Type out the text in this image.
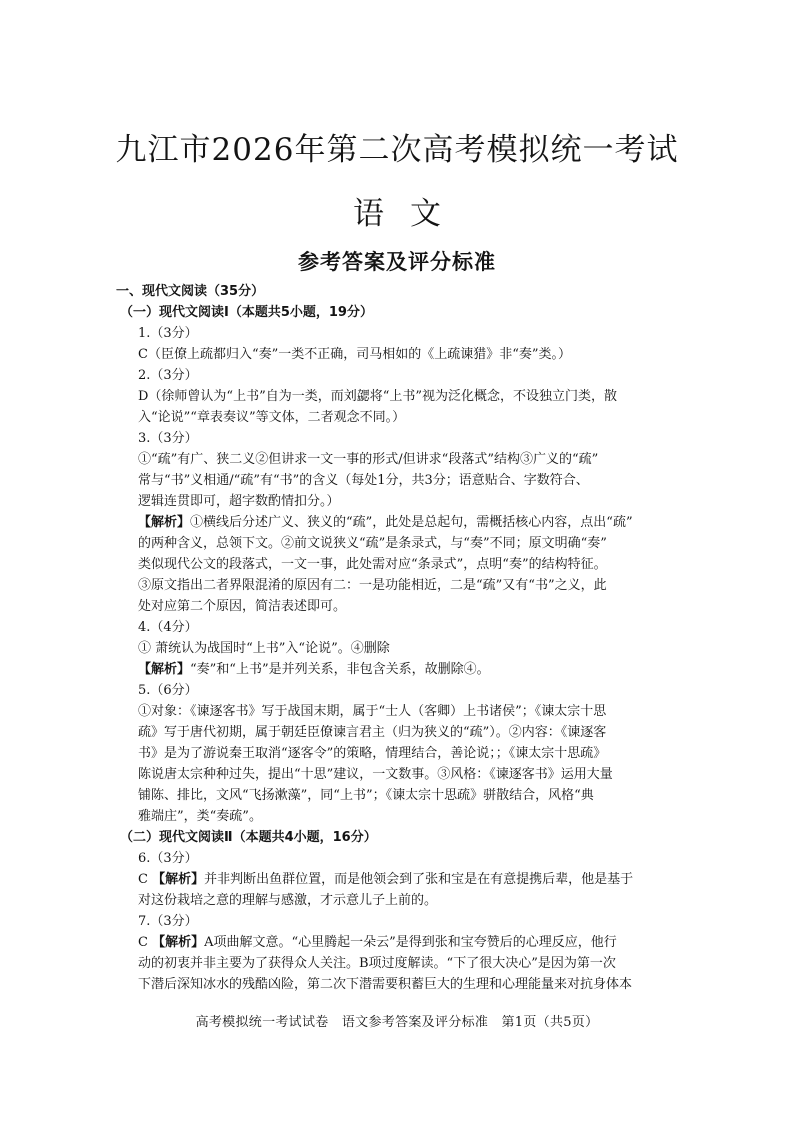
九江市2026年第二次高考模拟统一考试
语文
参考答案及评分标准
一、现代文阅读（35分）
（一）现代文阅读Ⅰ（本题共5小题，19分）
1.（3分）
C（臣僚上疏都归入“奏”一类不正确，司马相如的《上疏谏猎》非“奏”类。）
2.（3分）
D（徐师曾认为“上书”自为一类，而刘勰将“上书”视为泛化概念，不设独立门类，散
入“论说”“章表奏议”等文体，二者观念不同。）
3.（3分）
①“疏”有广、狭二义②但讲求一文一事的形式/但讲求“段落式”结构③广义的“疏”
常与“书”义相通/“疏”有“书”的含义（每处1分，共3分；语意贴合、字数符合、
逻辑连贯即可，超字数酌情扣分。）
【解析】①横线后分述广义、狭义的“疏”，此处是总起句，需概括核心内容，点出“疏”
的两种含义，总领下文。②前文说狭义“疏”是条录式，与“奏”不同；原文明确“奏”
类似现代公文的段落式，一文一事，此处需对应“条录式”，点明“奏”的结构特征。
③原文指出二者界限混淆的原因有二：一是功能相近，二是“疏”又有“书”之义，此
处对应第二个原因，简洁表述即可。
4.（4分）
① 萧统认为战国时“上书”入“论说”。④删除
【解析】“奏”和“上书”是并列关系，非包含关系，故删除④。
5.（6分）
①对象：《谏逐客书》写于战国末期，属于“士人（客卿）上书诸侯”；《谏太宗十思
疏》写于唐代初期，属于朝廷臣僚谏言君主（归为狭义的“疏”）。②内容：《谏逐客
书》是为了游说秦王取消“逐客令”的策略，情理结合，善论说；；《谏太宗十思疏》
陈说唐太宗种种过失，提出“十思”建议，一文数事。③风格：《谏逐客书》运用大量
铺陈、排比，文风“飞扬漱藻”，同“上书”；《谏太宗十思疏》骈散结合，风格“典
雅端庄”，类“奏疏”。
（二）现代文阅读Ⅱ（本题共4小题，16分）
6.（3分）
C 【解析】并非判断出鱼群位置，而是他领会到了张和宝是在有意提携后辈，他是基于
对这份栽培之意的理解与感激，才示意儿子上前的。
7.（3分）
C 【解析】A项曲解文意。“心里腾起一朵云”是得到张和宝夸赞后的心理反应，他行
动的初衷并非主要为了获得众人关注。B项过度解读。“下了很大决心”是因为第一次
下潜后深知冰水的残酷凶险，第二次下潜需要积蓄巨大的生理和心理能量来对抗身体本
高考模拟统一考试试卷　语文参考答案及评分标准　第1页（共5页）
